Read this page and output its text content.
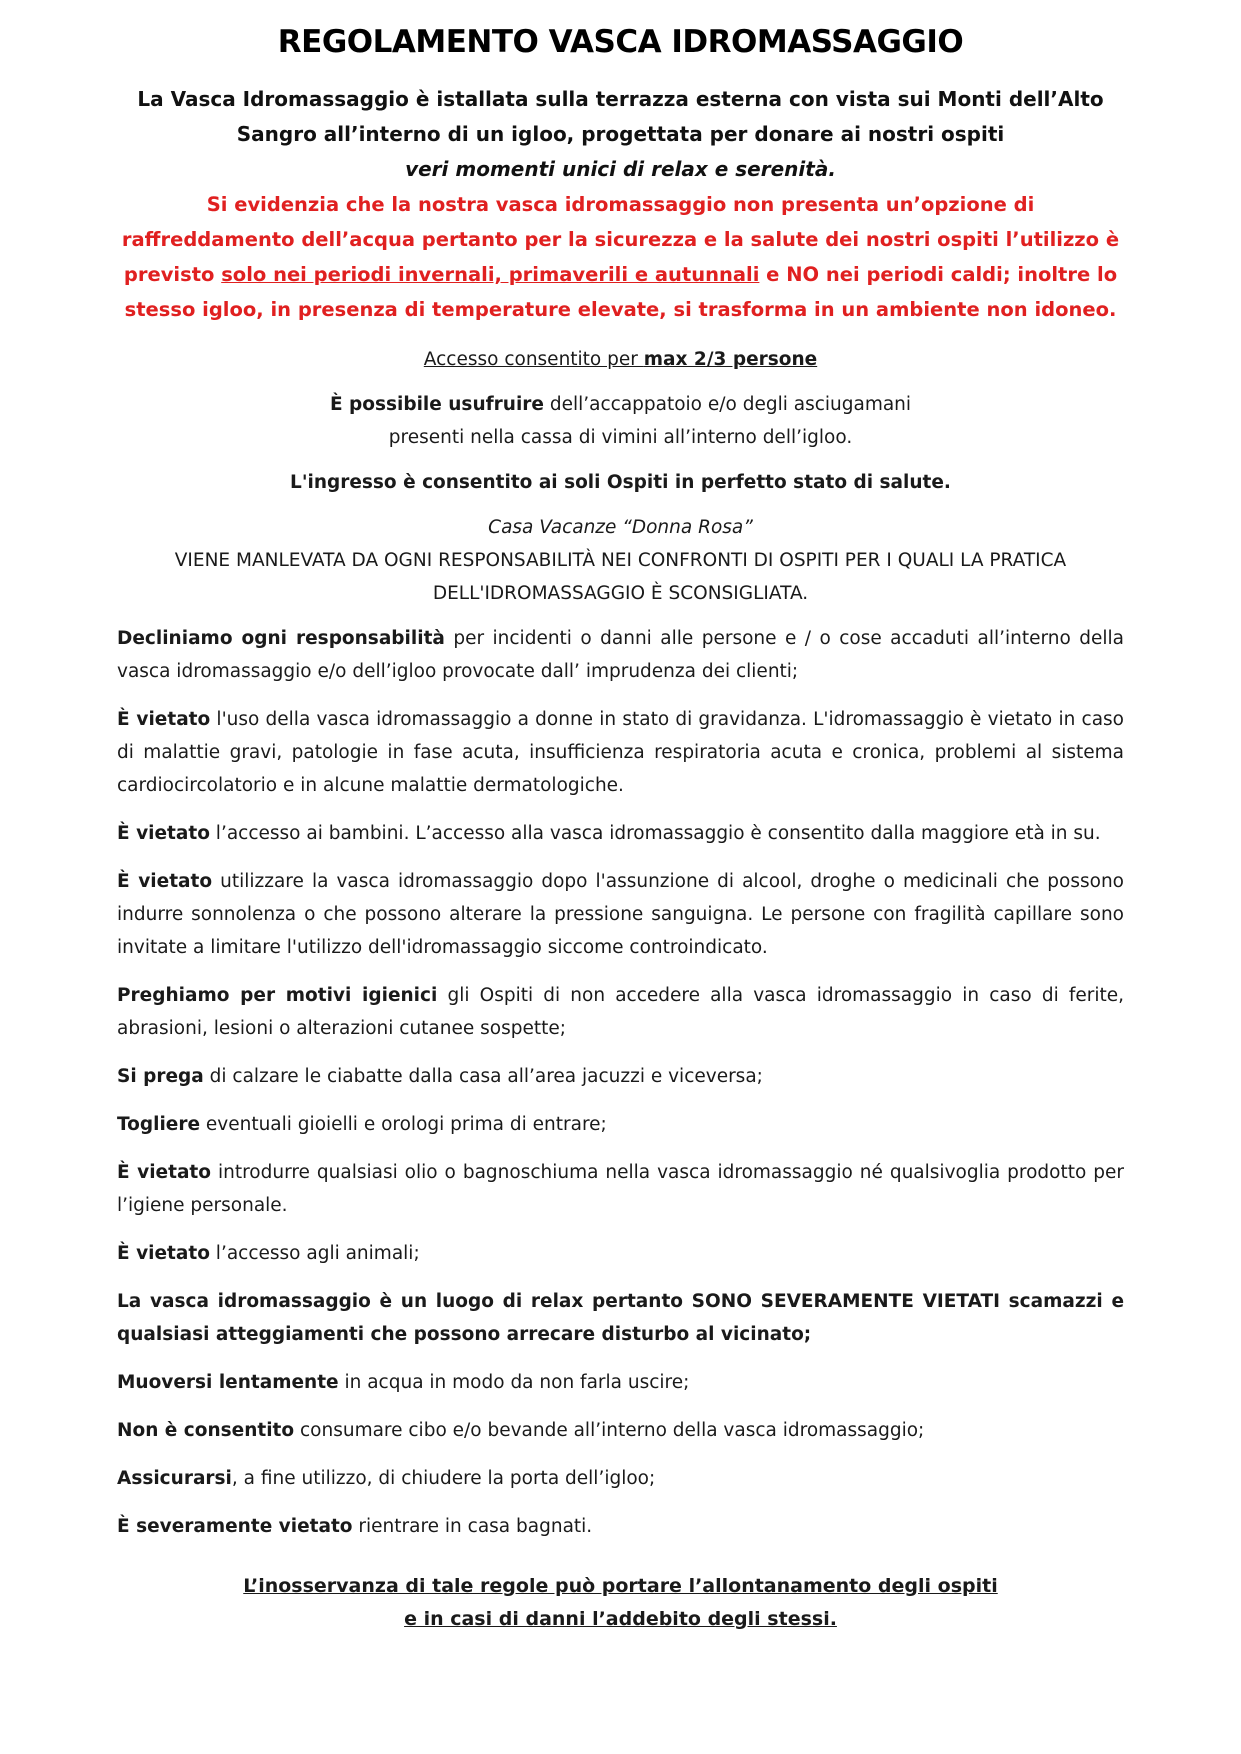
REGOLAMENTO VASCA IDROMASSAGGIO
La Vasca Idromassaggio è istallata sulla terrazza esterna con vista sui Monti dell’Alto
Sangro all’interno di un igloo, progettata per donare ai nostri ospiti
veri momenti unici di relax e serenità.
Si evidenzia che la nostra vasca idromassaggio non presenta un’opzione di
raffreddamento dell’acqua pertanto per la sicurezza e la salute dei nostri ospiti l’utilizzo è
previsto solo nei periodi invernali, primaverili e autunnali e NO nei periodi caldi; inoltre lo
stesso igloo, in presenza di temperature elevate, si trasforma in un ambiente non idoneo.
Accesso consentito per max 2/3 persone
È possibile usufruire dell’accappatoio e/o degli asciugamani
presenti nella cassa di vimini all’interno dell’igloo.
L'ingresso è consentito ai soli Ospiti in perfetto stato di salute.
Casa Vacanze “Donna Rosa”
VIENE MANLEVATA DA OGNI RESPONSABILITÀ NEI CONFRONTI DI OSPITI PER I QUALI LA PRATICA
DELL'IDROMASSAGGIO È SCONSIGLIATA.

Decliniamo ogni responsabilità per incidenti o danni alle persone e / o cose accaduti all’interno della vasca idromassaggio e/o dell’igloo provocate dall’ imprudenza dei clienti;

È vietato l'uso della vasca idromassaggio a donne in stato di gravidanza. L'idromassaggio è vietato in caso di malattie gravi, patologie in fase acuta, insufficienza respiratoria acuta e cronica, problemi al sistema cardiocircolatorio e in alcune malattie dermatologiche.

È vietato l’accesso ai bambini. L’accesso alla vasca idromassaggio è consentito dalla maggiore età in su.

È vietato utilizzare la vasca idromassaggio dopo l'assunzione di alcool, droghe o medicinali che possono indurre sonnolenza o che possono alterare la pressione sanguigna. Le persone con fragilità capillare sono invitate a limitare l'utilizzo dell'idromassaggio siccome controindicato.

Preghiamo per motivi igienici gli Ospiti di non accedere alla vasca idromassaggio in caso di ferite, abrasioni, lesioni o alterazioni cutanee sospette;

Si prega di calzare le ciabatte dalla casa all’area jacuzzi e viceversa;

Togliere eventuali gioielli e orologi prima di entrare;

È vietato introdurre qualsiasi olio o bagnoschiuma nella vasca idromassaggio né qualsivoglia prodotto per l’igiene personale.

È vietato l’accesso agli animali;

La vasca idromassaggio è un luogo di relax pertanto SONO SEVERAMENTE VIETATI scamazzi e qualsiasi atteggiamenti che possono arrecare disturbo al vicinato;

Muoversi lentamente in acqua in modo da non farla uscire;

Non è consentito consumare cibo e/o bevande all’interno della vasca idromassaggio;

Assicurarsi, a fine utilizzo, di chiudere la porta dell’igloo;

È severamente vietato rientrare in casa bagnati.

L’inosservanza di tale regole può portare l’allontanamento degli ospiti
e in casi di danni l’addebito degli stessi.
